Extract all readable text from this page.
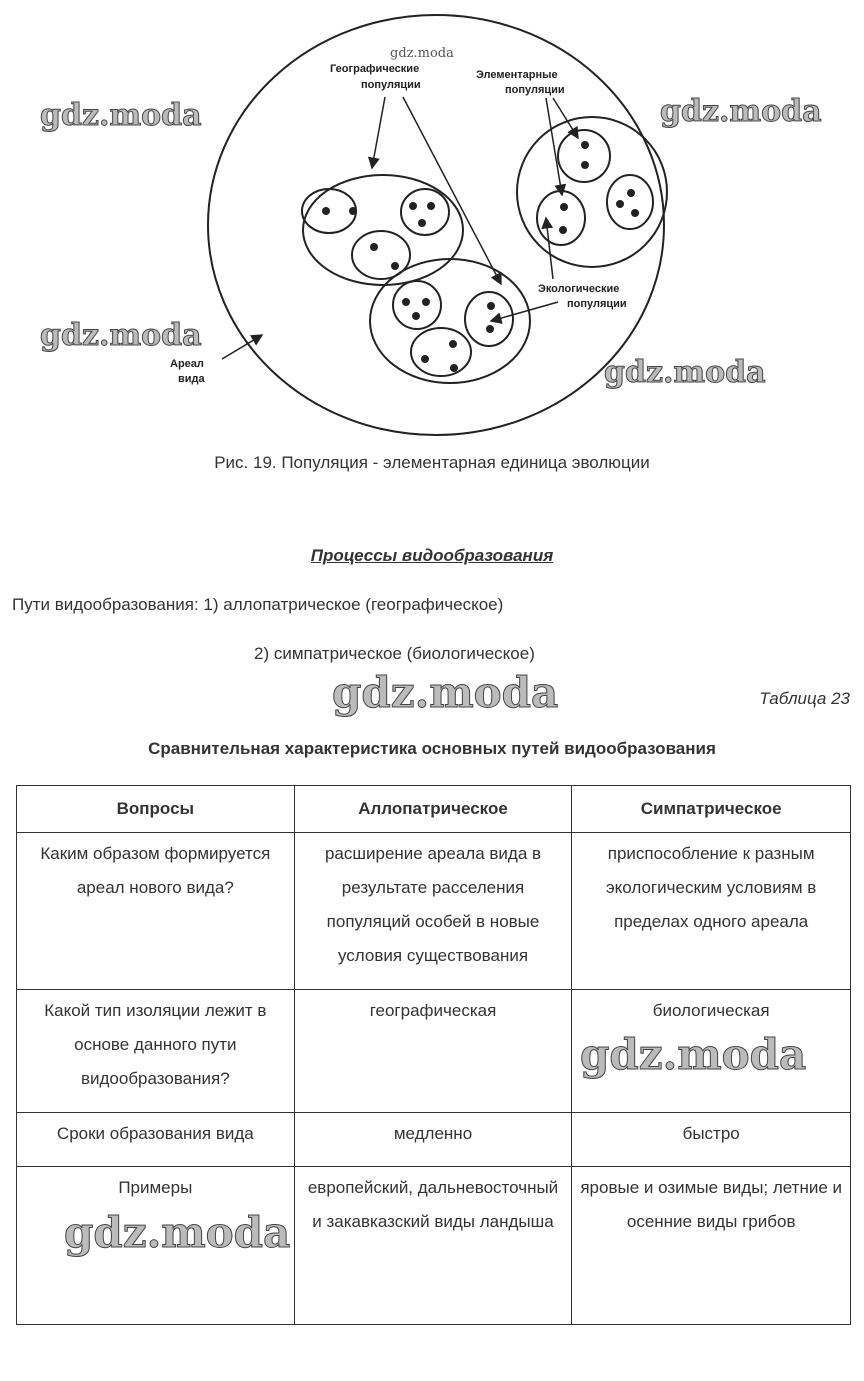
Географические
популяции
Элементарные
популяции
Экологические
популяции
Ареал
вида
gdz.moda
gdz.moda	gdz.moda
gdz.moda
gdz.moda
Рис. 19. Популяция - элементарная единица эволюции
Процессы видообразования
Пути видообразования: 1) аллопатрическое (географическое)
2) симпатрическое (биологическое)
gdz.moda	Таблица 23
Сравнительная характеристика основных путей видообразования
Вопросы	Аллопатрическое	Симпатрическое
Каким образом формируется ареал нового вида?	расширение ареала вида в результате расселения популяций особей в новые условия существования	приспособление к разным экологическим условиям в пределах одного ареала
Какой тип изоляции лежит в основе данного пути видообразования?	географическая	биологическая
Сроки образования вида	медленно	быстро
Примеры	европейский, дальневосточный и закавказский виды ландыша	яровые и озимые виды; летние и осенние виды грибов
gdz.moda
gdz.moda
